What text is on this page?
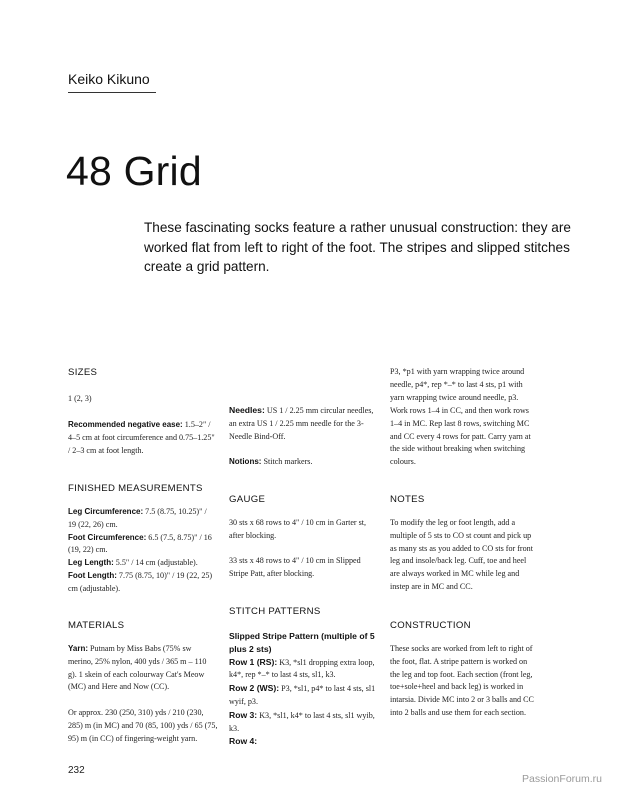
Keiko Kikuno
48 Grid
These fascinating socks feature a rather unusual construction: they are worked flat from left to right of the foot. The stripes and slipped stitches create a grid pattern.
SIZES
1 (2, 3)
Recommended negative ease: 1.5–2" / 4–5 cm at foot circumference and 0.75–1.25" / 2–3 cm at foot length.
FINISHED MEASUREMENTS

Leg Circumference: 7.5 (8.75, 10.25)" / 19 (22, 26) cm.

Foot Circumference: 6.5 (7.5, 8.75)" / 16 (19, 22) cm.

Leg Length: 5.5" / 14 cm (adjustable).

Foot Length: 7.75 (8.75, 10)" / 19 (22, 25) cm (adjustable).

MATERIALS
Yarn: Putnam by Miss Babs (75% sw merino, 25% nylon, 400 yds / 365 m – 110 g). 1 skein of each colourway Cat's Meow (MC) and Here and Now (CC).
Or approx. 230 (250, 310) yds / 210 (230, 285) m (in MC) and 70 (85, 100) yds / 65 (75, 95) m (in CC) of fingering-weight yarn.

Needles: US 1 / 2.25 mm circular needles, an extra US 1 / 2.25 mm needle for the 3-Needle Bind-Off.

Notions: Stitch markers.

GAUGE
30 sts x 68 rows to 4" / 10 cm in Garter st, after blocking.
33 sts x 48 rows to 4" / 10 cm in Slipped Stripe Patt, after blocking.
STITCH PATTERNS

Slipped Stripe Pattern (multiple of 5 plus 2 sts)

Row 1 (RS): K3, *sl1 dropping extra loop, k4*, rep *–* to last 4 sts, sl1, k3.

Row 2 (WS): P3, *sl1, p4* to last 4 sts, sl1 wyif, p3.

Row 3: K3, *sl1, k4* to last 4 sts, sl1 wyib, k3.

Row 4:

P3, *p1 with yarn wrapping twice around needle, p4*, rep *–* to last 4 sts, p1 with yarn wrapping twice around needle, p3.
Work rows 1–4 in CC, and then work rows 1–4 in MC. Rep last 8 rows, switching MC and CC every 4 rows for patt. Carry yarn at the side without breaking when switching colours.
NOTES
To modify the leg or foot length, add a multiple of 5 sts to CO st count and pick up as many sts as you added to CO sts for front leg and insole/back leg. Cuff, toe and heel are always worked in MC while leg and instep are in MC and CC.
CONSTRUCTION
These socks are worked from left to right of the foot, flat. A stripe pattern is worked on the leg and top foot. Each section (front leg, toe+sole+heel and back leg) is worked in intarsia. Divide MC into 2 or 3 balls and CC into 2 balls and use them for each section.
232
PassionForum.ru
